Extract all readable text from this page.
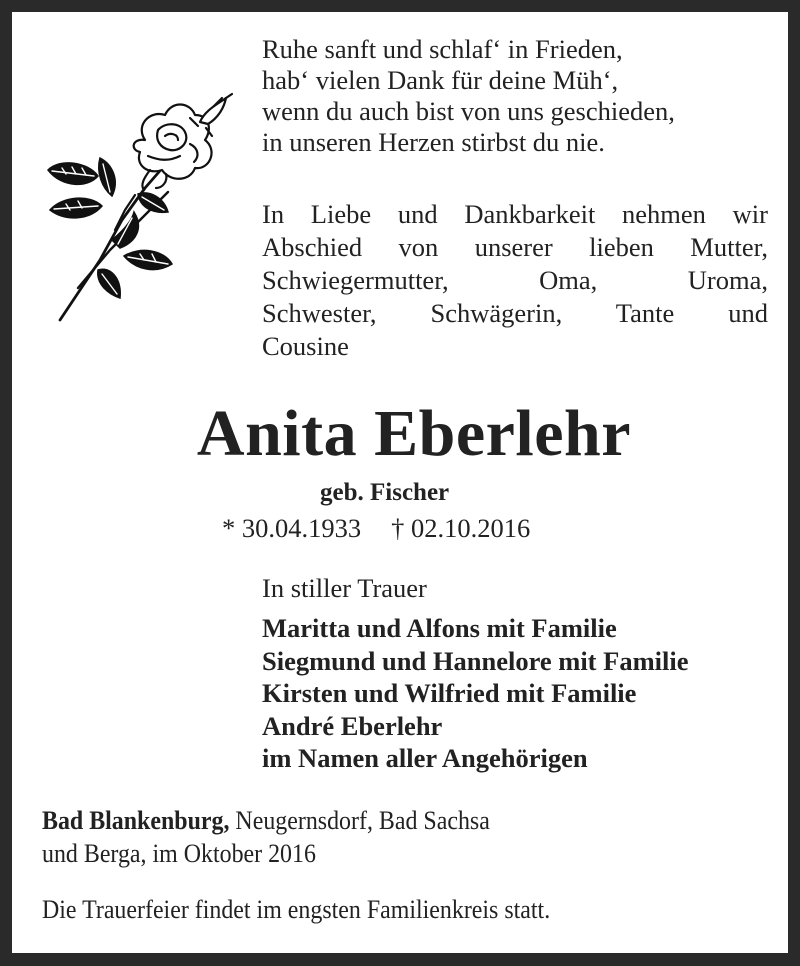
Ruhe sanft und schlaf‘ in Frieden,
hab‘ vielen Dank für deine Müh‘,
wenn du auch bist von uns geschieden,
in unseren Herzen stirbst du nie.
In Liebe und Dankbarkeit nehmen wir
Abschied von unserer lieben Mutter,
Schwiegermutter, Oma, Uroma,
Schwester, Schwägerin, Tante und
Cousine
Anita Eberlehr
geb. Fischer
* 30.04.1933 † 02.10.2016
In stiller Trauer
Maritta und Alfons mit Familie
Siegmund und Hannelore mit Familie
Kirsten und Wilfried mit Familie
André Eberlehr
im Namen aller Angehörigen
Bad Blankenburg, Neugernsdorf, Bad Sachsa
und Berga, im Oktober 2016
Die Trauerfeier findet im engsten Familienkreis statt.
